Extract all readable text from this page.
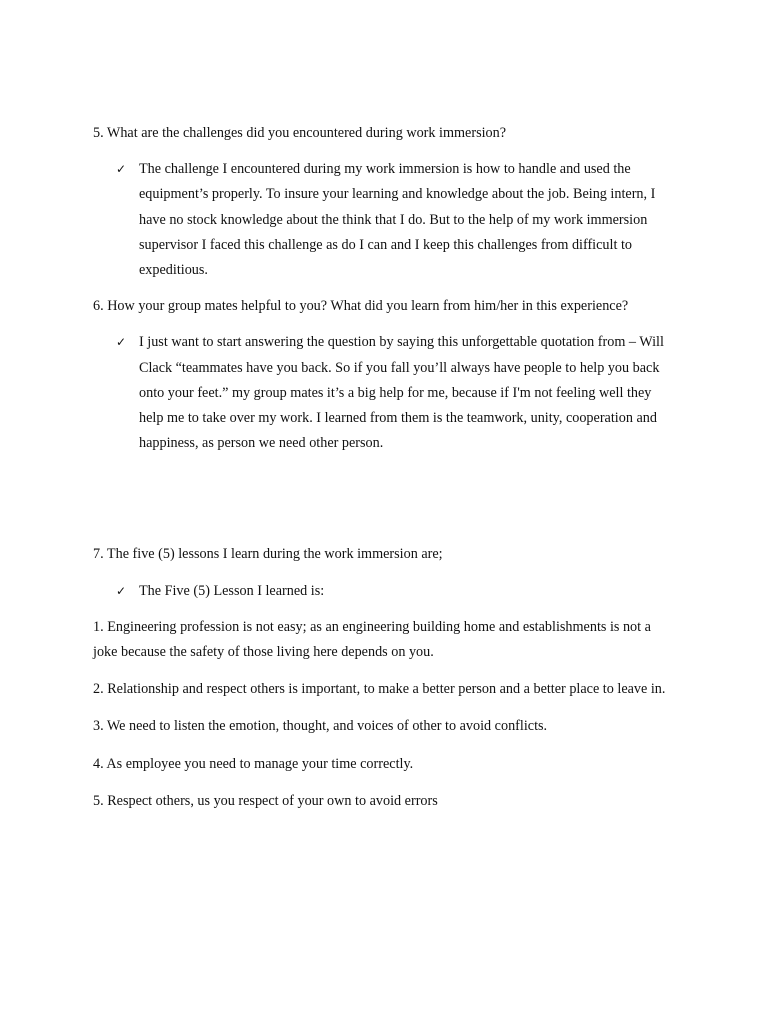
5. What are the challenges did you encountered during work immersion?

✓ The challenge I encountered during my work immersion is how to handle and used the equipment’s properly. To insure your learning and knowledge about the job. Being intern, I have no stock knowledge about the think that I do. But to the help of my work immersion supervisor I faced this challenge as do I can and I keep this challenges from difficult to expeditious.

6. How your group mates helpful to you? What did you learn from him/her in this experience?

✓ I just want to start answering the question by saying this unforgettable quotation from – Will Clack “teammates have you back. So if you fall you’ll always have people to help you back onto your feet.” my group mates it’s a big help for me, because if I'm not feeling well they help me to take over my work. I learned from them is the teamwork, unity, cooperation and happiness, as person we need other person.

7. The five (5) lessons I learn during the work immersion are;

✓ The Five (5) Lesson I learned is:

1. Engineering profession is not easy; as an engineering building home and establishments is not a joke because the safety of those living here depends on you.

2. Relationship and respect others is important, to make a better person and a better place to leave in.

3. We need to listen the emotion, thought, and voices of other to avoid conflicts.

4. As employee you need to manage your time correctly.

5. Respect others, us you respect of your own to avoid errors
